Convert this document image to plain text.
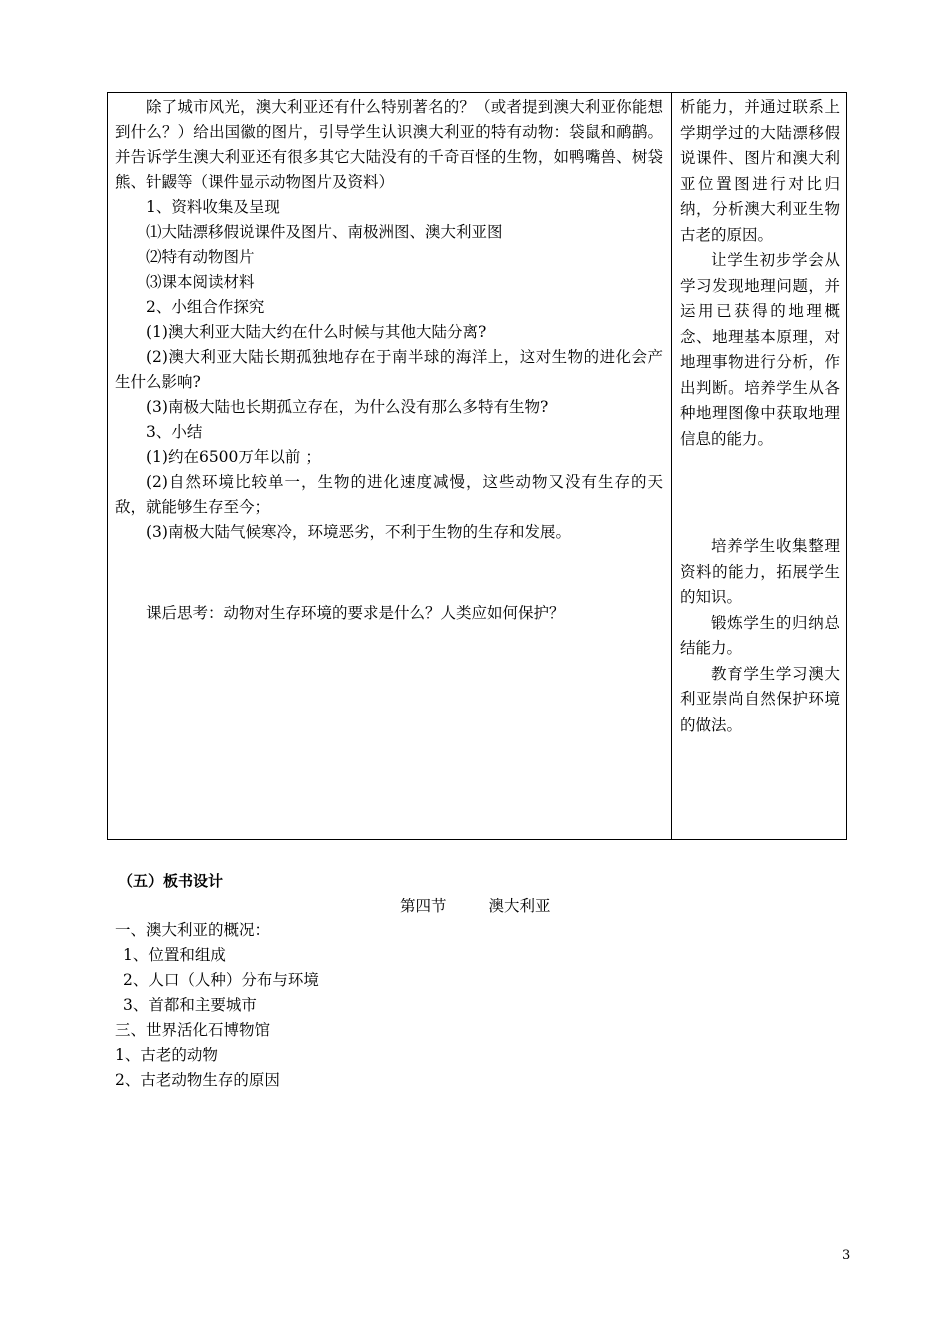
除了城市风光，澳大利亚还有什么特别著名的？（或者提到澳大利亚你能想到什么？）给出国徽的图片，引导学生认识澳大利亚的特有动物：袋鼠和鸸鹋。并告诉学生澳大利亚还有很多其它大陆没有的千奇百怪的生物，如鸭嘴兽、树袋熊、针鼹等（课件显示动物图片及资料）

1、资料收集及呈现

⑴大陆漂移假说课件及图片、南极洲图、澳大利亚图

⑵特有动物图片

⑶课本阅读材料

2、小组合作探究

(1)澳大利亚大陆大约在什么时候与其他大陆分离?

(2)澳大利亚大陆长期孤独地存在于南半球的海洋上，这对生物的进化会产生什么影响?

(3)南极大陆也长期孤立存在，为什么没有那么多特有生物?

3、小结

(1)约在6500万年以前 ；

(2)自然环境比较单一，生物的进化速度减慢，这些动物又没有生存的天敌，就能够生存至今；

(3)南极大陆气候寒冷，环境恶劣，不利于生物的生存和发展。

课后思考：动物对生存环境的要求是什么？人类应如何保护？

析能力，并通过联系上学期学过的大陆漂移假说课件、图片和澳大利亚位置图进行对比归纳，分析澳大利亚生物古老的原因。

让学生初步学会从学习发现地理问题，并运用已获得的地理概念、地理基本原理，对地理事物进行分析，作出判断。培养学生从各种地理图像中获取地理信息的能力。

培养学生收集整理资料的能力，拓展学生的知识。

锻炼学生的归纳总结能力。

教育学生学习澳大利亚崇尚自然保护环境的做法。

（五）板书设计
第四节	澳大利亚
一、澳大利亚的概况：
1、位置和组成
2、人口（人种）分布与环境
3、首都和主要城市
三、世界活化石博物馆
1、古老的动物
2、古老动物生存的原因
3
